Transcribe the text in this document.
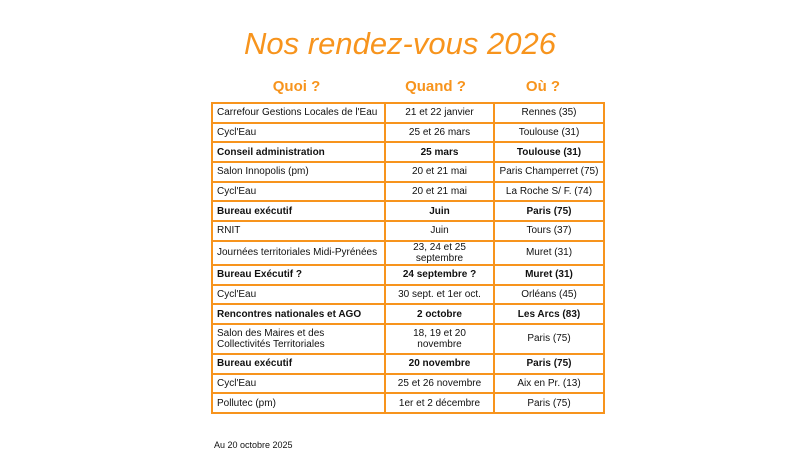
Nos rendez-vous 2026
Quoi ?	Quand ?	Où ?
Carrefour Gestions Locales de l'Eau	21 et 22 janvier	Rennes (35)
Cycl'Eau	25 et 26 mars	Toulouse (31)
Conseil administration	25 mars	Toulouse (31)
Salon Innopolis (pm)	20 et 21 mai	Paris Champerret (75)
Cycl'Eau	20 et 21 mai	La Roche S/ F. (74)
Bureau exécutif	Juin	Paris (75)
RNIT	Juin	Tours (37)
Journées territoriales Midi-Pyrénées	23, 24 et 25 septembre	Muret (31)
Bureau Exécutif ?	24 septembre ?	Muret (31)
Cycl'Eau	30 sept. et 1er oct.	Orléans (45)
Rencontres nationales et AGO	2 octobre	Les Arcs (83)
Salon des Maires et des Collectivités Territoriales	18, 19 et 20 novembre	Paris (75)
Bureau exécutif	20 novembre	Paris (75)
Cycl'Eau	25 et 26 novembre	Aix en Pr. (13)
Pollutec (pm)	1er et 2 décembre	Paris (75)
Au 20 octobre 2025
